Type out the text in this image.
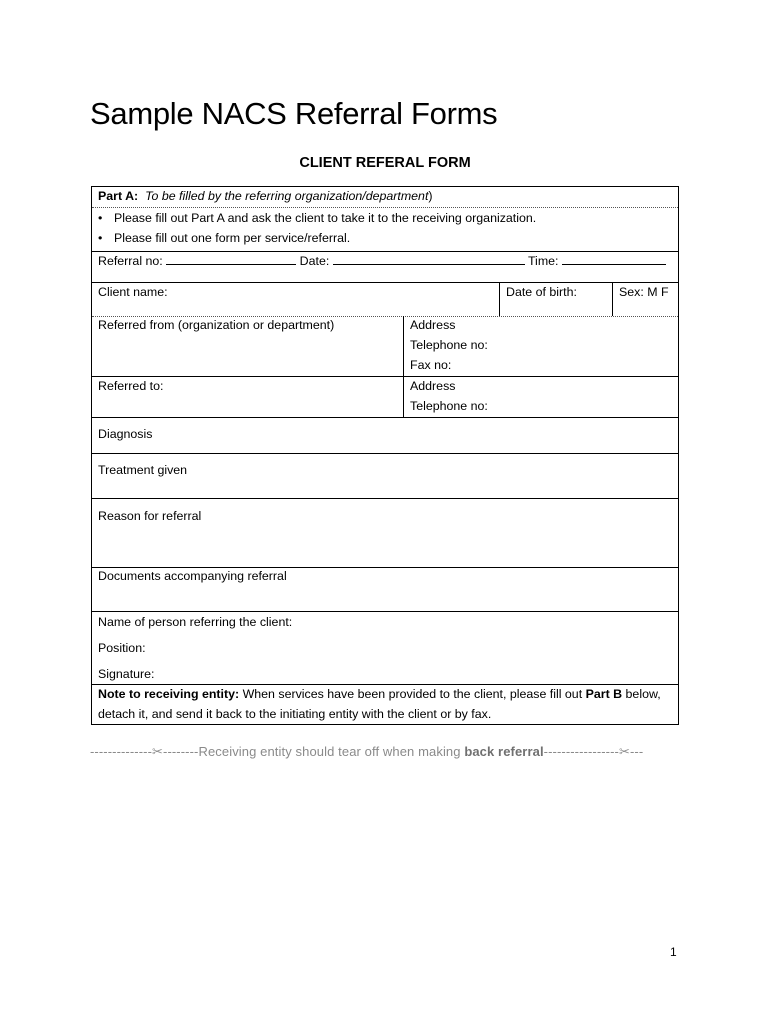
Sample NACS Referral Forms
CLIENT REFERAL FORM
Part A: To be filled by the referring organization/department)
• Please fill out Part A and ask the client to take it to the receiving organization.
• Please fill out one form per service/referral.
Referral no:	Date:	Time:
Client name:	Date of birth:	Sex: M F
Referred from (organization or department)	Address
Telephone no:
Fax no:
Referred to:	Address
Telephone no:
Diagnosis
Treatment given
Reason for referral
Documents accompanying referral
Name of person referring the client:
Position:
Signature:
Note to receiving entity: When services have been provided to the client, please fill out Part B below,
detach it, and send it back to the initiating entity with the client or by fax.
--------------✂--------Receiving entity should tear off when making back referral-----------------✂---
1
